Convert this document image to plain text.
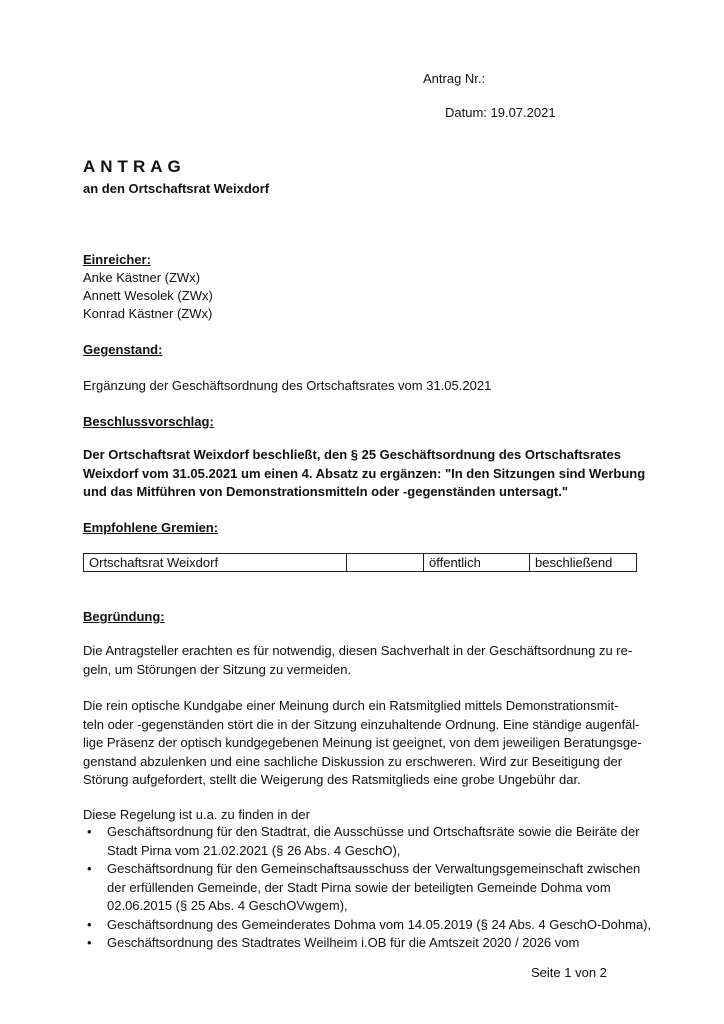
Antrag Nr.:
Datum: 19.07.2021
ANTRAG
an den Ortschaftsrat Weixdorf
Einreicher:
Anke Kästner (ZWx)
Annett Wesolek (ZWx)
Konrad Kästner (ZWx)
Gegenstand:
Ergänzung der Geschäftsordnung des Ortschaftsrates vom 31.05.2021
Beschlussvorschlag:
Der Ortschaftsrat Weixdorf beschließt, den § 25 Geschäftsordnung des Ortschaftsrates
Weixdorf vom 31.05.2021 um einen 4. Absatz zu ergänzen: "In den Sitzungen sind Werbung
und das Mitführen von Demonstrationsmitteln oder -gegenständen untersagt."
Empfohlene Gremien:
Ortschaftsrat Weixdorf		öffentlich	beschließend
Begründung:
Die Antragsteller erachten es für notwendig, diesen Sachverhalt in der Geschäftsordnung zu re-
geln, um Störungen der Sitzung zu vermeiden.
Die rein optische Kundgabe einer Meinung durch ein Ratsmitglied mittels Demonstrationsmit-
teln oder -gegenständen stört die in der Sitzung einzuhaltende Ordnung. Eine ständige augenfäl-
lige Präsenz der optisch kundgegebenen Meinung ist geeignet, von dem jeweiligen Beratungsge-
genstand abzulenken und eine sachliche Diskussion zu erschweren. Wird zur Beseitigung der
Störung aufgefordert, stellt die Weigerung des Ratsmitglieds eine grobe Ungebühr dar.
Diese Regelung ist u.a. zu finden in der
• Geschäftsordnung für den Stadtrat, die Ausschüsse und Ortschaftsräte sowie die Beiräte der
Stadt Pirna vom 21.02.2021 (§ 26 Abs. 4 GeschO),
• Geschäftsordnung für den Gemeinschaftsausschuss der Verwaltungsgemeinschaft zwischen
der erfüllenden Gemeinde, der Stadt Pirna sowie der beteiligten Gemeinde Dohma vom
02.06.2015 (§ 25 Abs. 4 GeschOVwgem),
• Geschäftsordnung des Gemeinderates Dohma vom 14.05.2019 (§ 24 Abs. 4 GeschO-Dohma),
• Geschäftsordnung des Stadtrates Weilheim i.OB für die Amtszeit 2020 / 2026 vom
Seite 1 von 2
